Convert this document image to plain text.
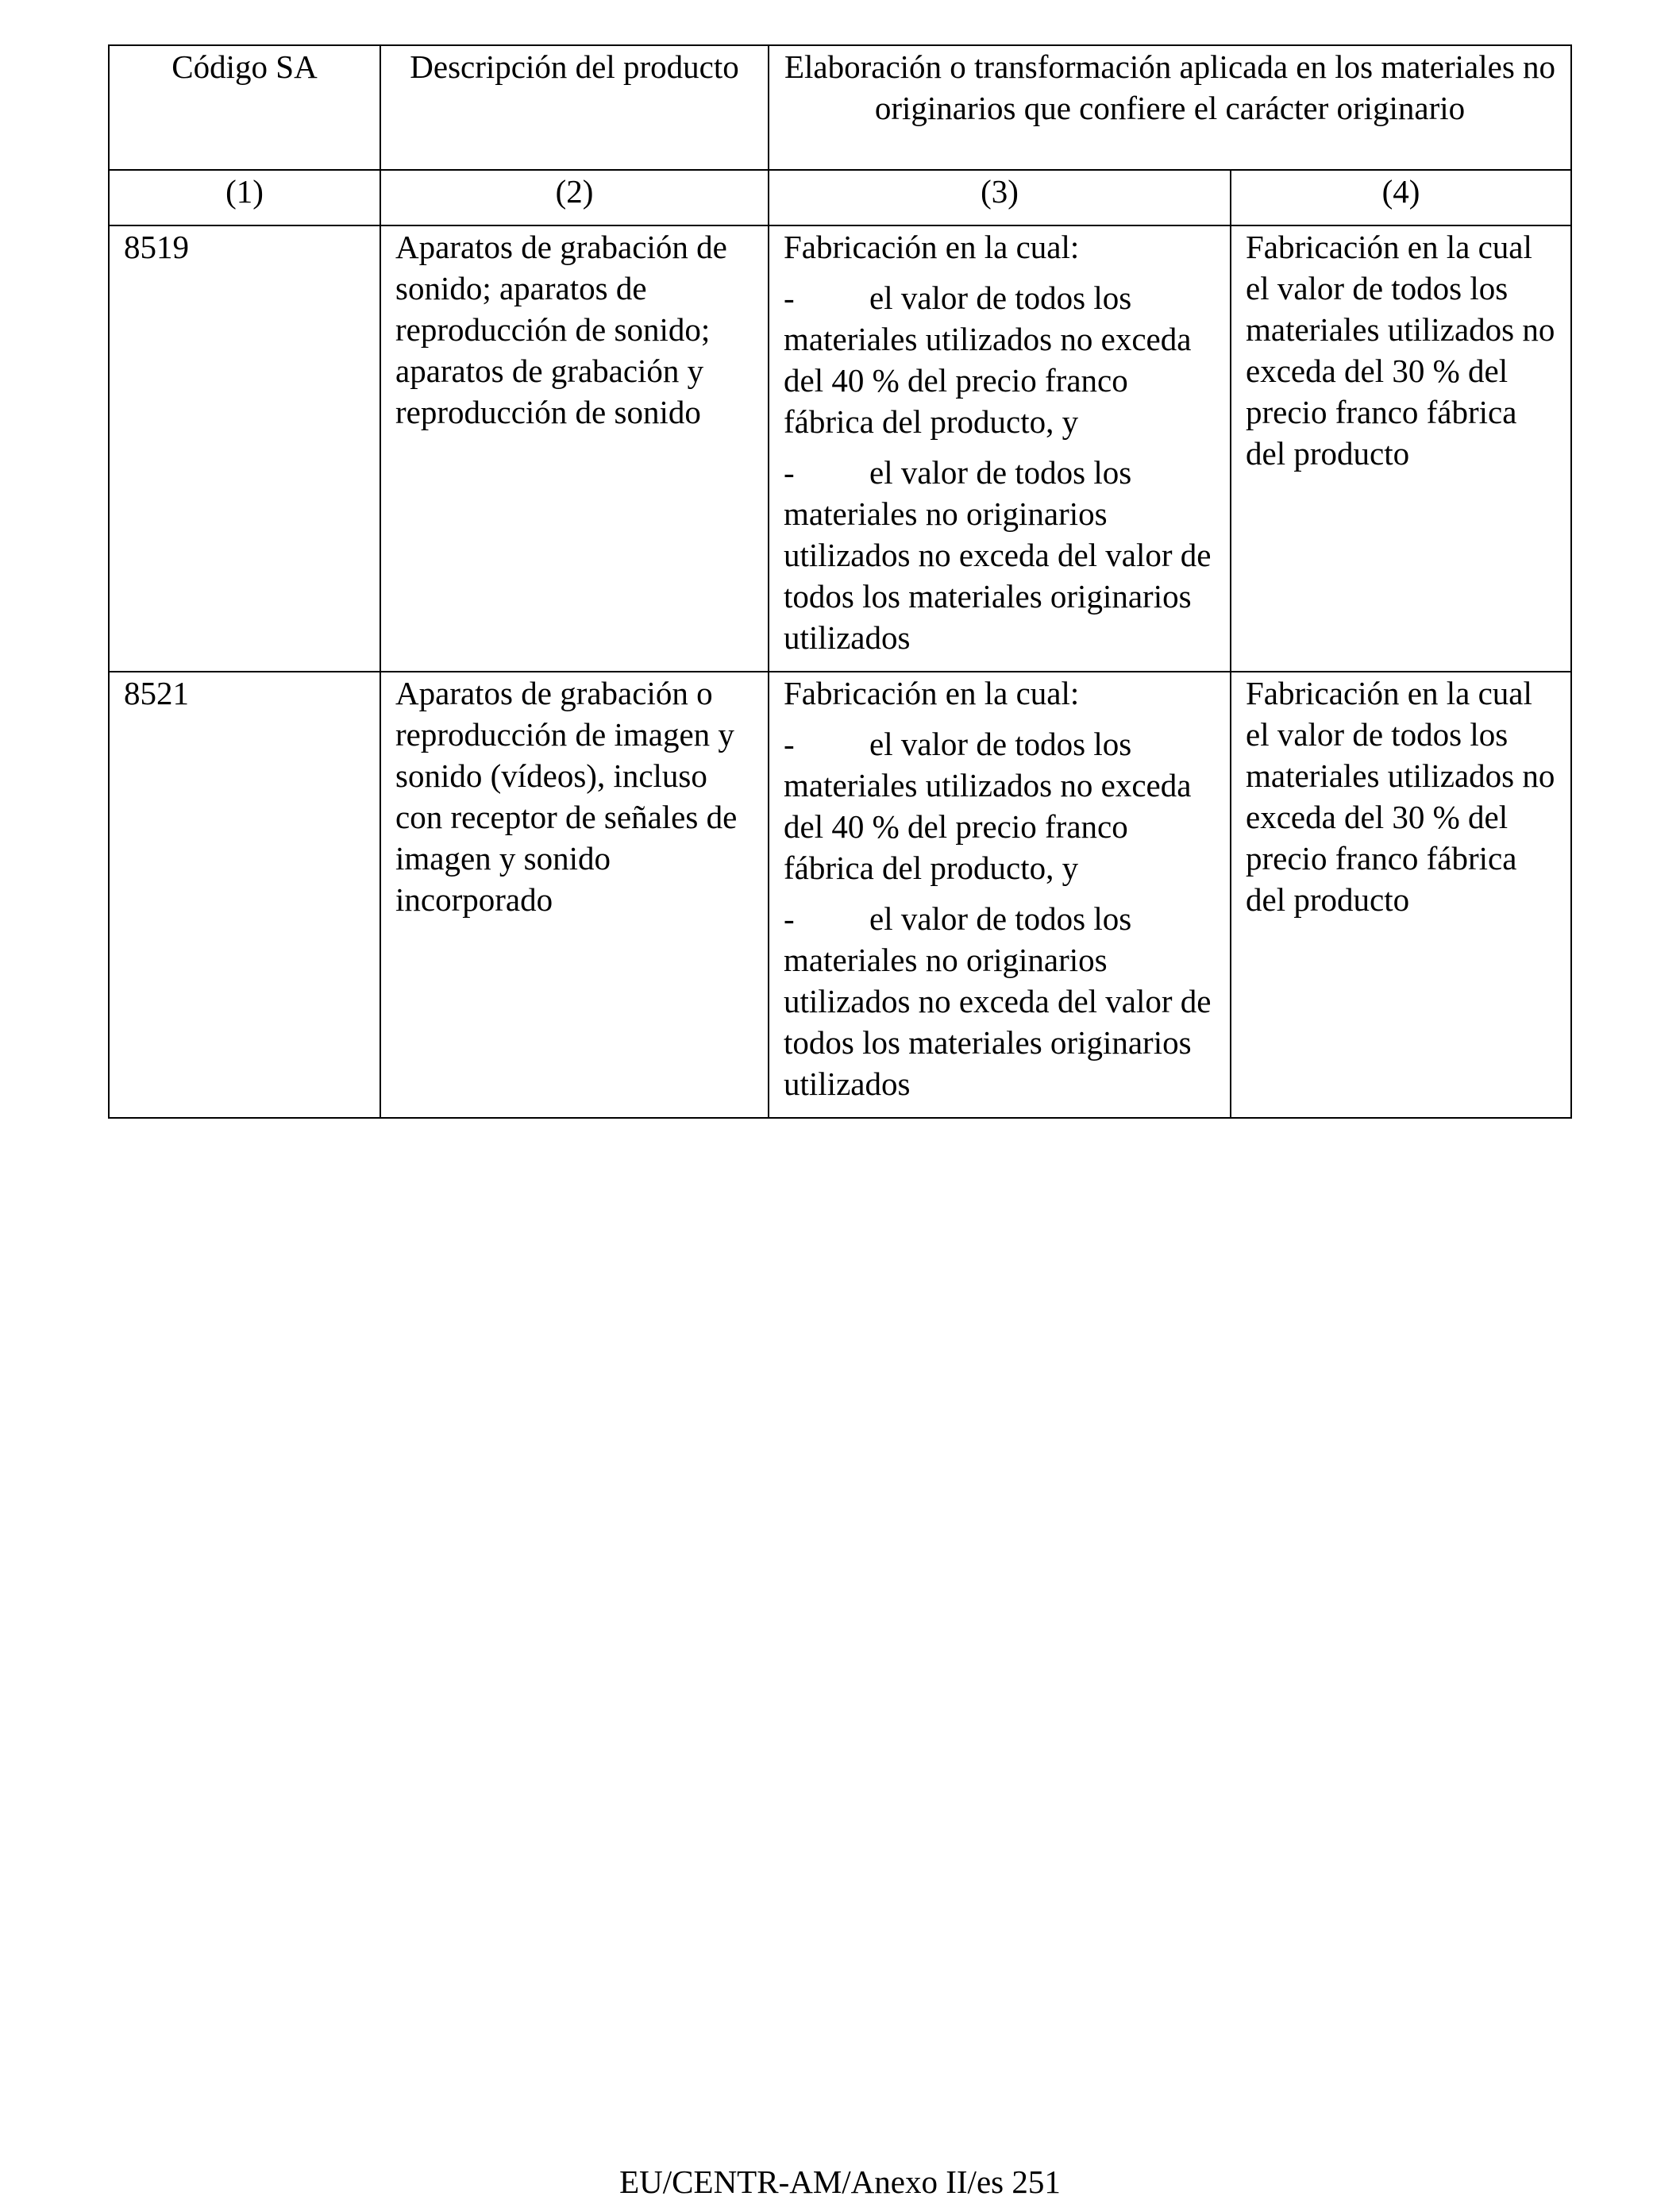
Código SA	Descripción del producto	Elaboración o transformación aplicada en los materiales no originarios que confiere el carácter originario	
(1)	(2)	(3)	(4)
8519	Aparatos de grabación de sonido; aparatos de reproducción de sonido; aparatos de grabación y reproducción de sonido	Fabricación en la cual:
- el valor de todos los materiales utilizados no exceda del 40 % del precio franco fábrica del producto, y
- el valor de todos los materiales no originarios utilizados no exceda del valor de todos los materiales originarios utilizados	Fabricación en la cual el valor de todos los materiales utilizados no exceda del 30 % del precio franco fábrica del producto
8521	Aparatos de grabación o reproducción de imagen y sonido (vídeos), incluso con receptor de señales de imagen y sonido incorporado	Fabricación en la cual:
- el valor de todos los materiales utilizados no exceda del 40 % del precio franco fábrica del producto, y
- el valor de todos los materiales no originarios utilizados no exceda del valor de todos los materiales originarios utilizados	Fabricación en la cual el valor de todos los materiales utilizados no exceda del 30 % del precio franco fábrica del producto
EU/CENTR-AM/Anexo II/es 251
